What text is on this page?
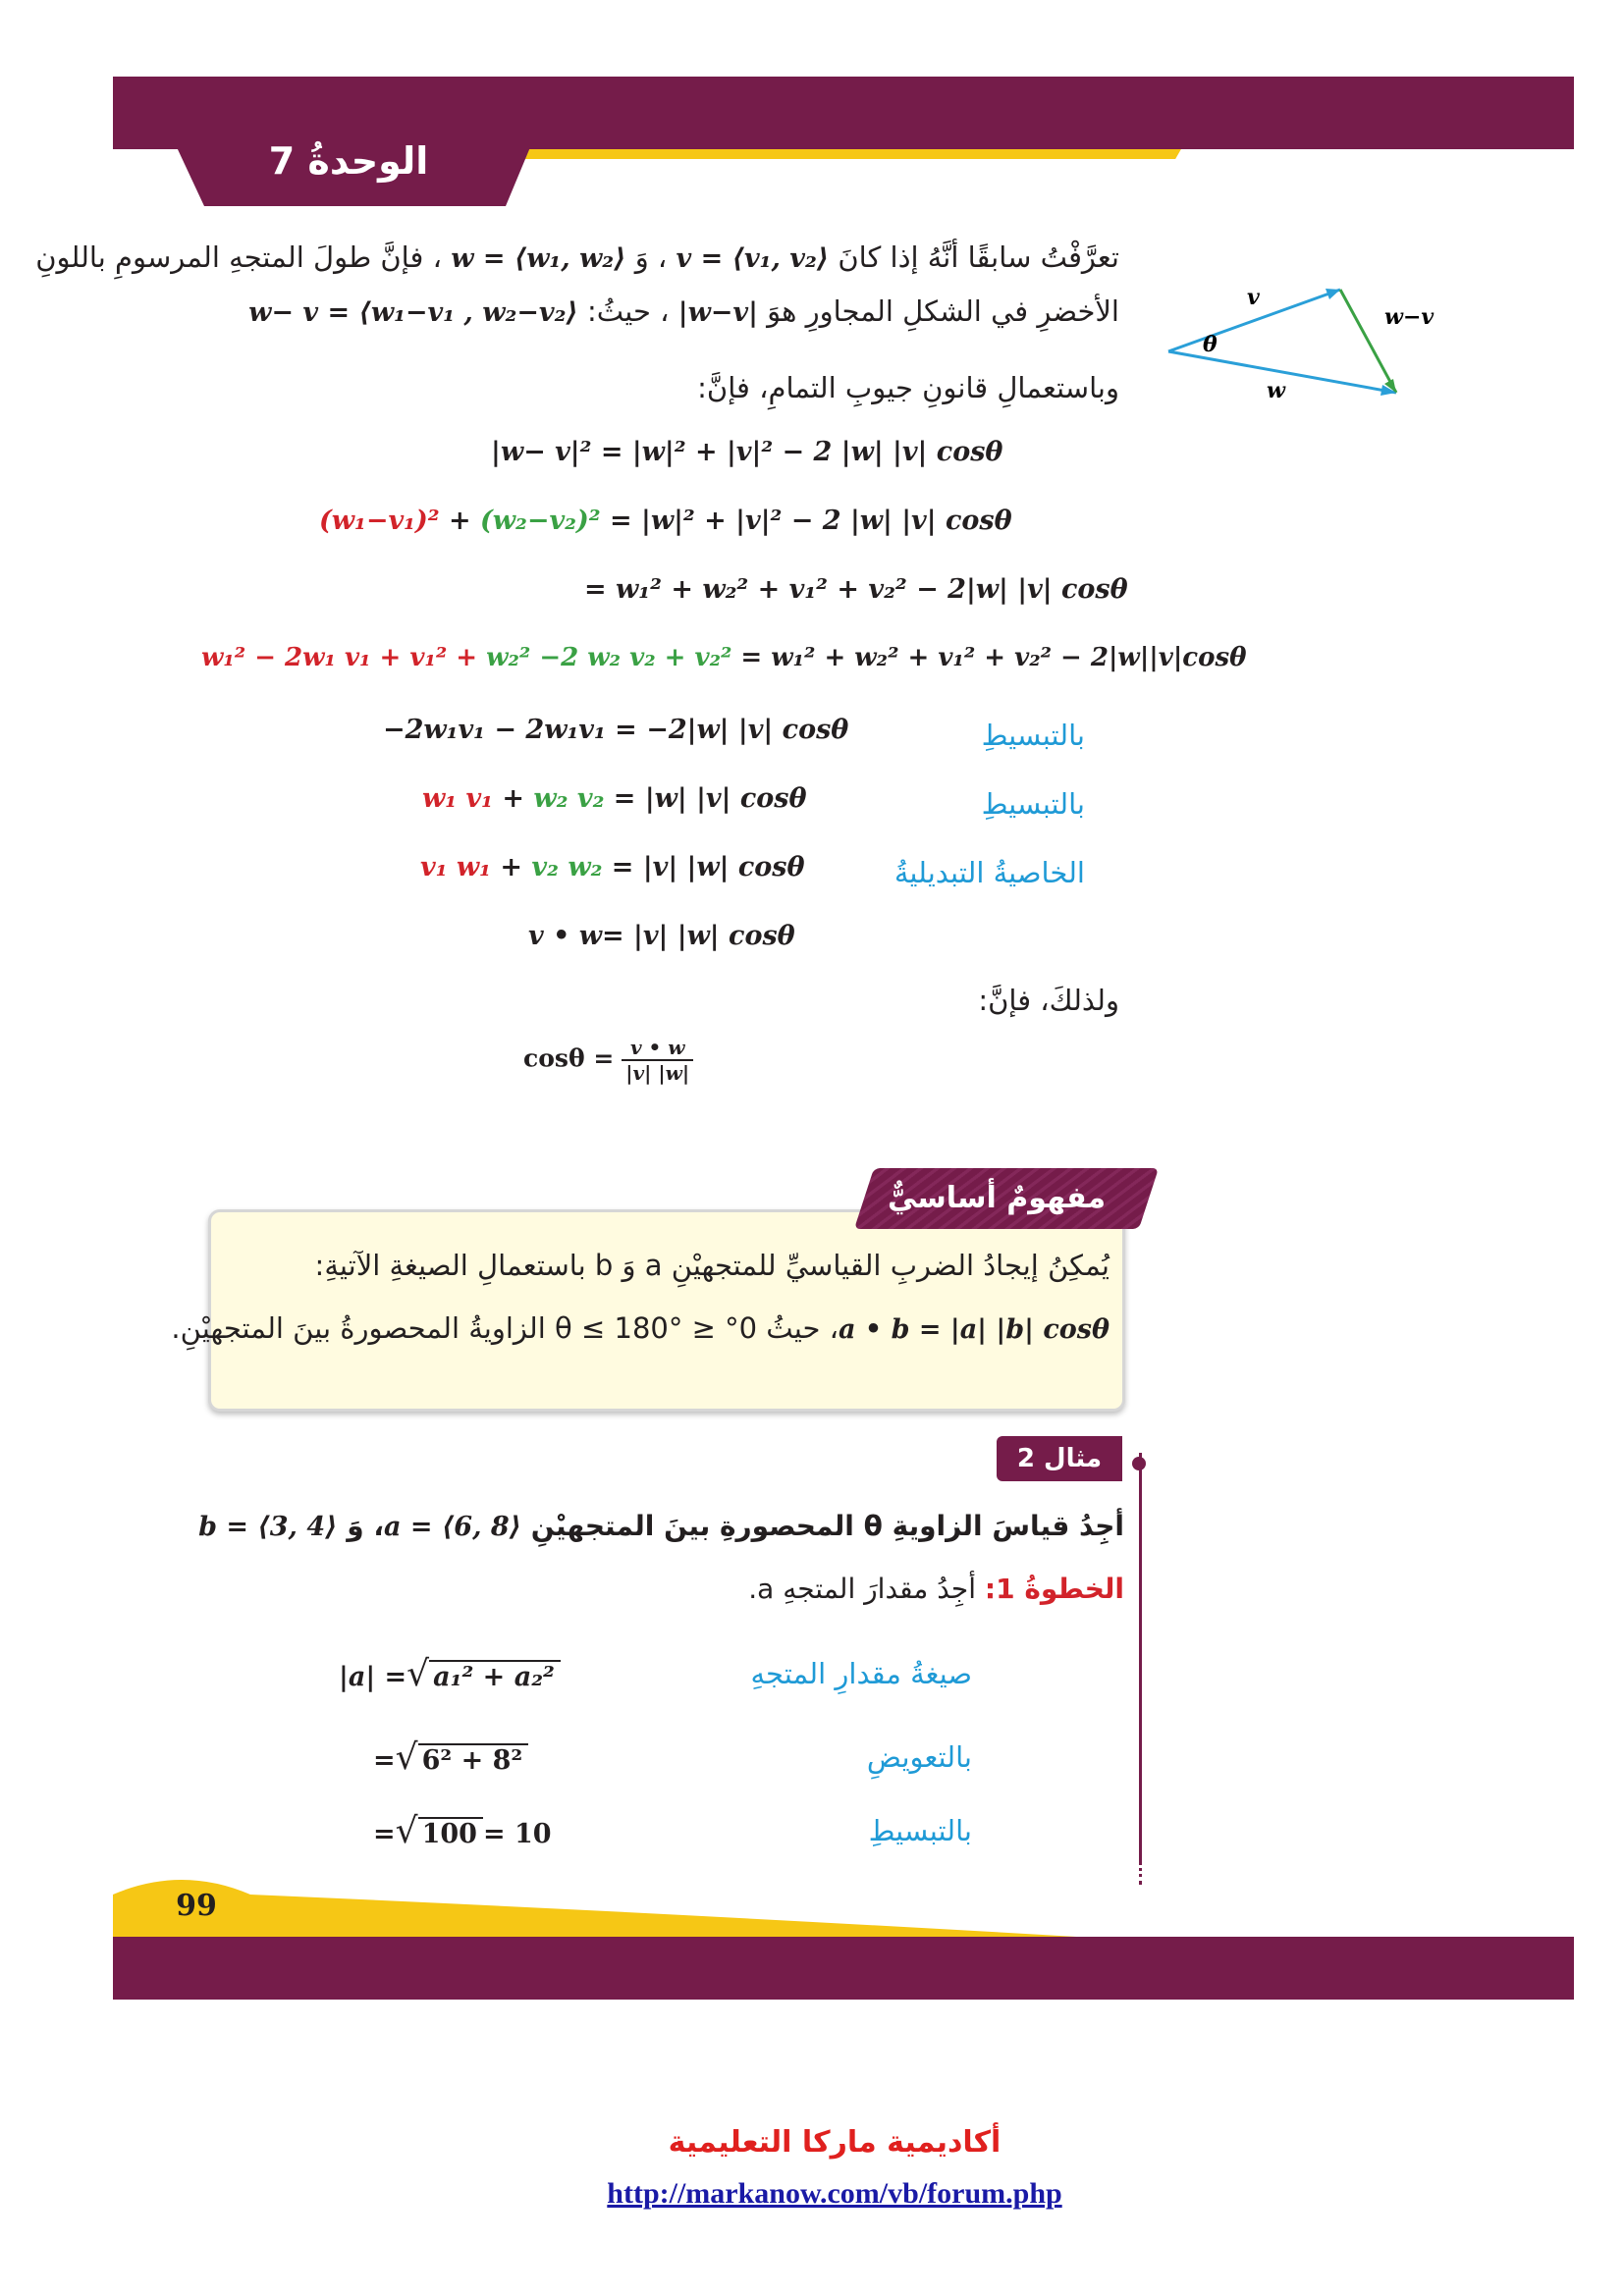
الوحدةُ 7
تعرَّفْتُ سابقًا أنَّهُ إذا كانَ v = ⟨v₁, v₂⟩ ، وَ w = ⟨w₁, w₂⟩ ، فإنَّ طولَ المتجهِ المرسومِ باللونِ
الأخضرِ في الشكلِ المجاورِ هوَ |w−v| ، حيثُ: w− v = ⟨w₁−v₁ , w₂−v₂⟩
وباستعمالِ قانونِ جيوبِ التمامِ، فإنَّ:
v
w
θ
w−v
|w− v|² = |w|² + |v|² − 2 |w| |v| cosθ
(w₁−v₁)² + (w₂−v₂)² = |w|² + |v|² − 2 |w| |v| cosθ
= w₁² + w₂² + v₁² + v₂² − 2|w| |v| cosθ
w₁² − 2w₁ v₁ + v₁² + w₂² −2 w₂ v₂ + v₂² = w₁² + w₂² + v₁² + v₂² − 2|w||v|cosθ
−2w₁v₁ − 2w₁v₁ = −2|w| |v| cosθ	بالتبسيطِ
w₁ v₁ + w₂ v₂ = |w| |v| cosθ	بالتبسيطِ
v₁ w₁ + v₂ w₂ = |v| |w| cosθ	الخاصيةُ التبديليةُ
v • w= |v| |w| cosθ
ولذلكَ، فإنَّ:
$\cos\theta = \frac{v • w}{|v| |w|}$
مفهومٌ أساسيٌّ
يُمكِنُ إيجادُ الضربِ القياسيِّ للمتجهيْنِ a وَ b باستعمالِ الصيغةِ الآتيةِ:
a • b = |a| |b| cosθ، حيثُ 0° ≤ θ ≤ 180° الزاويةُ المحصورةُ بينَ المتجهيْنِ.
مثال 2
أجِدُ قياسَ الزاويةِ θ المحصورةِ بينَ المتجهيْنِ a = ⟨6, 8⟩، وَ b = ⟨3, 4⟩
الخطوةُ 1: أجِدُ مقدارَ المتجهِ a.
|a| =√ a₁² + a₂²	صيغةُ مقدارِ المتجهِ
=√ 6² + 8²	بالتعويضِ
=√ 100 = 10	بالتبسيطِ
99
أكاديمية ماركا التعليمية
http://markanow.com/vb/forum.php
